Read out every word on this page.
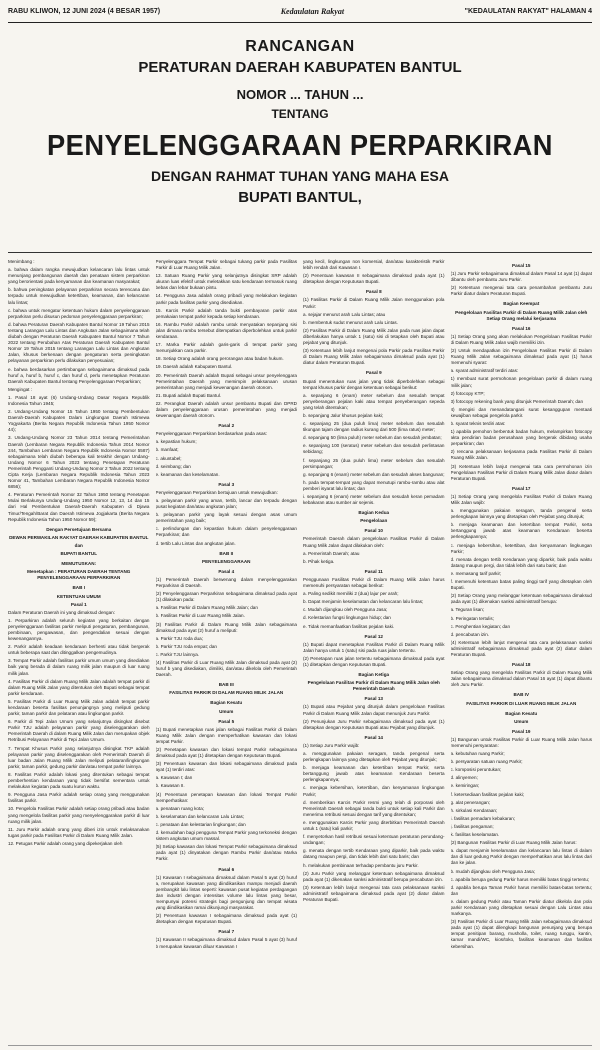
RABU KLIWON, 12 JUNI 2024 (4 BESAR 1957)	Kedaulatan Rakyat	"KEDAULATAN RAKYAT" HALAMAN 4
RANCANGAN
PERATURAN DAERAH KABUPATEN BANTUL
NOMOR ... TAHUN ...
TENTANG
PENYELENGGARAAN PERPARKIRAN
DENGAN RAHMAT TUHAN YANG MAHA ESA
BUPATI BANTUL,

Menimbang :

a. bahwa dalam rangka mewujudkan kelancaran lalu lintas untuk menunjang pembangunan daerah dan penataan sistem perparkiran yang berorientasi pada kenyamanan dan keamanan masyarakat;

b. bahwa peningkatan pelayanan perparkiran secara terencana dan terpadu untuk mewujudkan ketertiban, keamanan, dan kelancaran lalu lintas;

c. bahwa untuk mengatur ketentuan hukum dalam penyelenggaraan perparkiran perlu disusun pedoman penyelenggaraan perparkiran;

d. bahwa Peraturan Daerah Kabupaten Bantul Nomor 19 Tahun 2015 tentang Larangan Lalu Lintas dan Angkutan Jalan sebagaimana telah diubah dengan Peraturan Daerah Kabupaten Bantul Nomor 7 Tahun 2022 tentang Perubahan Atas Peraturan Daerah Kabupaten Bantul Nomor 19 Tahun 2015 tentang Larangan Lalu Lintas dan Angkutan Jalan, khusus berkenaan dengan pengaturan serta peningkatan pelayanan perparkiran perlu dilakukan penyesuaian;

e. bahwa berdasarkan pertimbangan sebagaimana dimaksud pada huruf a, huruf b, huruf c, dan huruf d, perlu menetapkan Peraturan Daerah Kabupaten Bantul tentang Penyelenggaraan Perparkiran;

Mengingat :

1. Pasal 18 ayat (6) Undang-Undang Dasar Negara Republik Indonesia Tahun 1945;

2. Undang-Undang Nomor 15 Tahun 1950 tentang Pembentukan Daerah-Daerah Kabupaten Dalam Lingkungan Daerah Istimewa Yogyakarta (Berita Negara Republik Indonesia Tahun 1950 Nomor 44);

3. Undang-Undang Nomor 23 Tahun 2014 tentang Pemerintahan Daerah (Lembaran Negara Republik Indonesia Tahun 2014 Nomor 244, Tambahan Lembaran Negara Republik Indonesia Nomor 5587) sebagaimana telah diubah beberapa kali terakhir dengan Undang-Undang Nomor 6 Tahun 2023 tentang Penetapan Peraturan Pemerintah Pengganti Undang-Undang Nomor 2 Tahun 2022 tentang Cipta Kerja (Lembaran Negara Republik Indonesia Tahun 2023 Nomor 41, Tambahan Lembaran Negara Republik Indonesia Nomor 6856);

4. Peraturan Pemerintah Nomor 32 Tahun 1950 tentang Penetapan Mulai Berlakunya Undang-Undang 1950 Nomor 12, 13, 14 dan 15 dari Hal Pembentukan Daerah-Daerah Kabupaten di Djawa Timur/Tengah/Barat dan Daerah Istimewa Jogjakarta (Berita Negara Republik Indonesia Tahun 1950 Nomor 59);

Dengan Persetujuan Bersama

DEWAN PERWAKILAN RAKYAT DAERAH KABUPATEN BANTUL

dan

BUPATI BANTUL

MEMUTUSKAN:

Menetapkan : PERATURAN DAERAH TENTANG PENYELENGGARAAN PERPARKIRAN

BAB I

KETENTUAN UMUM

Pasal 1

Dalam Peraturan Daerah ini yang dimaksud dengan:

1. Perparkiran adalah seluruh kegiatan yang berkaitan dengan penyelenggaraan fasilitas parkir meliputi pengaturan, pembangunan, pembinaan, pengawasan, dan pengendalian sesuai dengan kewenangannya.

2. Parkir adalah keadaan kendaraan berhenti atau tidak bergerak untuk beberapa saat dan ditinggalkan pengemudinya.

3. Tempat Parkir adalah fasilitas parkir umum umum yang disediakan baik yang berada di dalam ruang milik jalan maupun di luar ruang milik jalan.

4. Fasilitas Parkir di dalam Ruang Milik Jalan adalah tempat parkir di dalam Ruang Milik Jalan yang ditentukan oleh Bupati sebagai tempat parkir kendaraan.

5. Fasilitas Parkir di Luar Ruang Milik Jalan adalah tempat parkir kendaraan beserta fasilitas penunjangnya yang meliputi gedung parkir, taman parkir dan pelataran atau lingkungan parkir.

6. Parkir di Tepi Jalan Umum yang selanjutnya disingkat disebut Parkir TJU adalah pelayanan parkir yang diselenggarakan oleh Pemerintah Daerah di dalam Ruang Milik Jalan dan merupakan objek Retribusi Pelayanan Parkir di Tepi Jalan Umum.

7. Tempat Khusus Parkir yang selanjutnya disingkat TKP adalah pelayanan parkir yang diselenggarakan oleh Pemerintah Daerah di luar badan Jalan Ruang Milik Jalan meliputi pelataran/lingkungan parkir, taman parkir, gedung parkir dan/atau tempat parkir lainnya.

8. Fasilitas Parkir adalah lokasi yang ditentukan sebagai tempat pemberhentian kendaraan yang tidak bersifat sementara untuk melakukan kegiatan pada suatu kurun waktu.

9. Pengguna Jasa Parkir adalah setiap orang yang menggunakan fasilitas parkir.

10. Pengelola Fasilitas Parkir adalah setiap orang pribadi atau badan yang mengelola fasilitas parkir yang menyelenggarakan parkir di luar ruang milik jalan.

11. Juru Parkir adalah orang yang diberi izin untuk melaksanakan tugas parkir pada Fasilitas Parkir di Dalam Ruang Milik Jalan.

12. Petugas Parkir adalah orang yang dipekerjakan oleh

Penyelenggara Tempat Parkir sebagai tukang parkir pada Fasilitas Parkir di Luar Ruang Milik Jalan.

13. Satuan Ruang Parkir yang selanjutnya disingkat SRP adalah ukuran luas efektif untuk meletakkan satu kendaraan termasuk ruang bebas dan lebar bukaan pintu.

14. Pengguna Jasa adalah orang pribadi yang melakukan kegiatan parkir pada fasilitas parkir yang disediakan.

15. Karcis Parkir adalah tanda bukti pembayaran parkir atas pemakaian tempat parkir kepada setiap kendaraan.

16. Rambu Parkir adalah rambu untuk menyatakan sepanjang sisi jalan dimana rambu tersebut ditempatkan diperbolehkan untuk parkir kendaraan.

17. Marka Parkir adalah garis-garis di tempat parkir yang menunjukkan cara parkir.

18. Setiap Orang adalah orang perorangan atau badan hukum.

19. Daerah adalah Kabupaten Bantul.

20. Pemerintah Daerah adalah Bupati sebagai unsur penyelenggara Pemerintahan Daerah yang memimpin pelaksanaan urusan pemerintahan yang menjadi kewenangan daerah otonom.

21. Bupati adalah Bupati Bantul.

22. Perangkat Daerah adalah unsur pembantu Bupati dan DPRD dalam penyelenggaraan urusan pemerintahan yang menjadi kewenangan daerah otonom.

Pasal 2

Penyelenggaraan Perparkiran berdasarkan pada asas:

a. kepastian hukum;

b. manfaat;

c. akuntabel;

d. seimbang; dan

e. keamanan dan keselamatan.

Pasal 3

Penyelenggaraan Perparkiran bertujuan untuk mewujudkan:

a. pelayanan parkir yang aman, tertib, lancar dan terpadu dengan pusat kegiatan dan/atau angkutan jalan;

b. pelayanan parkir yang layak sesuai dengan asas umum pemerintahan yang baik;

c. perlindungan dan kepastian hukum dalam penyelenggaraan Perparkiran; dan

d. tertib Lalu Lintas dan angkutan jalan.

BAB II

PENYELENGGARAAN

Pasal 4

(1) Pemerintah Daerah berwenang dalam menyelenggarakan Perparkiran di Daerah.

(2) Penyelenggaraan Perparkiran sebagaimana dimaksud pada ayat (1) dilakukan pada:

a. Fasilitas Parkir di Dalam Ruang Milik Jalan; dan

b. Fasilitas Parkir di Luar Ruang Milik Jalan.

(3) Fasilitas Parkir di Dalam Ruang Milik Jalan sebagaimana dimaksud pada ayat (2) huruf a meliputi:

a. Parkir TJU roda dua;

b. Parkir TJU roda empat; dan

c. Parkir TJU lainnya.

(4) Fasilitas Parkir di Luar Ruang Milik Jalan dimaksud pada ayat (2) huruf b yang disediakan, dimiliki, dan/atau dikelola oleh Pemerintah Daerah.

BAB III

FASILITAS PARKIR DI DALAM RUANG MILIK JALAN

Bagian Kesatu

Umum

Pasal 5

(1) Bupati menetapkan ruas jalan sebagai Fasilitas Parkir di Dalam Ruang Milik Jalan dengan memperhatikan kawasan dan lokasi tempat Parkir.

(2) Penetapan kawasan dan lokasi tempat Parkir sebagaimana dimaksud pada ayat (1) ditetapkan dengan Keputusan Bupati.

(3) Penentuan kawasan dan lokasi sebagaimana dimaksud pada ayat (1) terdiri atas:

a. Kawasan I; dan

b. Kawasan II.

(4) Penentuan penetapan kawasan dan lokasi Tempat Parkir memperhatikan:

a. penataan ruang kota;

b. keselamatan dan kelancaran Lalu Lintas;

c. penataan dan kelestarian lingkungan; dan

d. kemudahan bagi pengguna Tempat Parkir yang terkoneksi dengan sistem angkutan umum massal.

(5) Setiap kawasan dan lokasi Tempat Parkir sebagaimana dimaksud pada ayat (1) dinyatakan dengan Rambu Parkir dan/atau Marka Parkir.

Pasal 6

(1) Kawasan I sebagaimana dimaksud dalam Pasal 5 ayat (3) huruf a, merupakan kawasan yang diindikasikan mampu menjadi daerah pembangkit lalu lintas seperti: kawasan pusat kegiatan perdagangan dan industri dengan intensitas volume lalu lintas yang besar, mempunyai potensi strategis bagi pengunjung dan tempat wisata yang diindikasikan ramai dikunjungi masyarakat.

(2) Penentuan kawasan I sebagaimana dimaksud pada ayat (1) ditetapkan dengan Keputusan Bupati.

Pasal 7

(1) Kawasan II sebagaimana dimaksud dalam Pasal 5 ayat (3) huruf b merupakan kawasan diluar Kawasan I

yang kecil, lingkungan non komersial, dan/atau karakteristik Parkir lebih rendah dari Kawasan I.

(2) Penentuan kawasan II sebagaimana dimaksud pada ayat (1) ditetapkan dengan Keputusan Bupati.

Pasal 8

(1) Fasilitas Parkir di Dalam Ruang Milik Jalan menggunakan pola Parkir:

a. sejajar menurut arah Lalu Lintas; atau

b. membentuk sudut menurut arah Lalu Lintas.

(2) Fasilitas Parkir di Dalam Ruang Milik Jalan pada ruas jalan dapat diberlakukan hanya untuk 1 (satu) sisi di tetapkan oleh Bupati atau pejabat yang ditunjuk.

(3) Ketentuan lebih lanjut mengenai pola Parkir pada Fasilitas Parkir di Dalam Ruang Milik Jalan sebagaimana dimaksud pada ayat (1) diatur dalam Peraturan Bupati.

Pasal 9

Bupati menentukan ruas jalan yang tidak diperbolehkan sebagai tempat khusus parkir dengan ketentuan sebagai berikut:

a. sepanjang 6 (enam) meter sebelum dan sesudah tempat penyeberangan pejalan kaki atau tempat penyeberangan sepeda yang telah ditentukan;

b. sepanjang Jalur khusus pejalan kaki;

c. sepanjang 25 (dua puluh lima) meter sebelum dan sesudah tikungan tajam dengan radius kurang dari 500 (lima ratus) meter;

d. sepanjang 50 (lima puluh) meter sebelum dan sesudah jembatan;

e. sepanjang 100 (seratus) meter sebelum dan sesudah perlintasan sebidang;

f. sepanjang 25 (dua puluh lima) meter sebelum dan sesudah persimpangan;

g. sepanjang 6 (enam) meter sebelum dan sesudah akses bangunan;

h. pada tempat-tempat yang dapat menutupi rambu-rambu atau alat pemberi isyarat lalu lintas; dan

i. sepanjang 6 (enam) meter sebelum dan sesudah keran pemadam kebakaran atau sumber air sejenis.

Bagian Kedua

Pengelolaan

Pasal 10

Pemerintah Daerah dalam pengelolaan Fasilitas Parkir di Dalam Ruang Milik Jalan dapat dilakukan oleh:

a. Pemerintah Daerah; atau

b. Pihak ketiga.

Pasal 11

Penggunaan Fasilitas Parkir di Dalam Ruang Milik Jalan harus memenuhi persyaratan sebagai berikut:

a. Paling sedikit memiliki 2 (dua) lajur per arah;

b. Dapat menjamin keselamatan dan kelancaran lalu lintas;

c. Mudah dijangkau oleh Pengguna Jasa;

d. Kelestarian fungsi lingkungan hidup; dan

e. Tidak memanfaatkan fasilitas pejalan kaki.

Pasal 12

(1) Bupati dapat menetapkan Fasilitas Parkir di Dalam Ruang Milik Jalan hanya untuk 1 (satu) sisi pada ruas jalan tertentu.

(2) Penetapan ruas jalan tertentu sebagaimana dimaksud pada ayat (1) ditetapkan dengan Keputusan Bupati.

Bagian Ketiga

Pengelolaan Fasilitas Parkir di Dalam Ruang Milik Jalan oleh Pemerintah Daerah

Pasal 13

(1) Bupati atau Pejabat yang ditunjuk dalam pengelolaan Fasilitas Parkir di Dalam Ruang Milik Jalan dapat menunjuk Juru Parkir.

(2) Penunjukan Juru Parkir sebagaimana dimaksud pada ayat (1) ditetapkan dengan Keputusan Bupati atau Pejabat yang ditunjuk.

Pasal 14

(1) Setiap Juru Parkir wajib:

a. menggunakan pakaian seragam, tanda pengenal serta perlengkapan lainnya yang ditetapkan oleh Pejabat yang ditunjuk;

b. menjaga keamanan dan ketertiban tempat Parkir, serta bertanggung jawab atas keamanan Kendaraan beserta perlengkapannya;

c. menjaga kebersihan, ketertiban, dan kenyamanan lingkungan Parkir;

d. memberikan Karcis Parkir resmi yang telah di porporasi oleh Pemerintah Daerah sebagai tanda bukti untuk setiap kali Parkir dan menerima retribusi sesuai dengan tarif yang ditentukan;

e. menggunakan Karcis Parkir yang diterbitkan Pemerintah Daerah untuk 1 (satu) kali parkir;

f. menyetorkan hasil retribusi sesuai ketentuan peraturan perundang-undangan;

g. menata dengan tertib Kendaraan yang diparkir, baik pada waktu datang maupun pergi, dan tidak lebih dari satu baris; dan

h. melakukan pembinaan terhadap pembantu juru Parkir.

(2) Juru Parkir yang melanggar ketentuan sebagaimana dimaksud pada ayat (1) dikenakan sanksi administratif berupa pencabutan izin.

(3) Ketentuan lebih lanjut mengenai tata cara pelaksanaan sanksi administratif sebagaimana dimaksud pada ayat (2) diatur dalam Peraturan Bupati.

Pasal 15

(1) Juru Parkir sebagaimana dimaksud dalam Pasal 14 ayat (1) dapat dibantu oleh pembantu Juru Parkir.

(2) Ketentuan mengenai tata cara penambahan pembantu Juru Parkir diatur dalam Peraturan Bupati.

Bagian Keempat

Pengelolaan Fasilitas Parkir di Dalam Ruang Milik Jalan oleh Setiap Orang melalui kerjasama

Pasal 16

(1) Setiap Orang yang akan melakukan Pengelolaan Fasilitas Parkir di Dalam Ruang Milik Jalan wajib memiliki izin.

(2) Untuk mendapatkan izin Pengelolaan Fasilitas Parkir di Dalam Ruang Milik Jalan sebagaimana dimaksud pada ayat (1) harus memenuhi syarat:

a. syarat administratif terdiri atas:

1) membuat surat permohonan pengelolaan parkir di dalam ruang milik jalan;

2) fotocopy KTP;

3) fotocopy rekening bank yang ditunjuk Pemerintah Daerah; dan

4) mengisi dan menandatangani surat kesanggupan mentaati kewajiban sebagai pengelola parkir.

b. syarat teknis terdiri atas:

1) apabila pemohon berbentuk badan hukum, melampirkan fotocopy akta pendirian badan perusahaan yang bergerak dibidang usaha perparkiran; dan

2) rencana pelaksanaan kerjasama pada Fasilitas Parkir di Dalam Ruang Milik Jalan.

(3) Ketentuan lebih lanjut mengenai tata cara permohonan izin Pengelolaan Fasilitas Parkir di Dalam Ruang Milik Jalan diatur dalam Peraturan Bupati.

Pasal 17

(1) Setiap Orang yang mengelola Fasilitas Parkir di Dalam Ruang Milik Jalan wajib:

a. menggunakan pakaian seragam, tanda pengenal serta perlengkapan lainnya yang ditetapkan oleh Pejabat yang ditunjuk;

b. menjaga keamanan dan ketertiban tempat Parkir, serta bertanggung jawab atas keamanan Kendaraan beserta perlengkapannya;

c. menjaga kebersihan, ketertiban, dan kenyamanan lingkungan Parkir;

d. menata dengan tertib Kendaraan yang diparkir, baik pada waktu datang maupun pergi, dan tidak lebih dari satu baris; dan

e. memasang tarif parkir;

f. memenuhi ketentuan batas paling tinggi tarif yang ditetapkan oleh Bupati.

(2) Setiap Orang yang melanggar ketentuan sebagaimana dimaksud pada ayat (1) dikenakan sanksi administratif berupa:

a. Teguran lisan;

b. Peringatan tertulis;

c. Penghentian kegiatan; dan

d. pencabutan izin.

(4) Ketentuan lebih lanjut mengenai tata cara pelaksanaan sanksi administratif sebagaimana dimaksud pada ayat (2) diatur dalam Peraturan Bupati.

Pasal 18

Setiap Orang yang mengelola Fasilitas Parkir di Dalam Ruang Milik Jalan sebagaimana dimaksud dalam Pasal 16 ayat (1) dapat dibantu oleh Juru Parkir.

BAB IV

FASILITAS PARKIR DI LUAR RUANG MILIK JALAN

Bagian Kesatu

Umum

Pasal 19

(1) Bangunan untuk Fasilitas Parkir di Luar Ruang Milik Jalan harus memenuhi persyaratan:

a. kebutuhan ruang Parkir;

b. persyaratan satuan ruang Parkir;

c. komposisi peruntukan;

d. alinyemen;

e. kemiringan;

f. ketersediaan fasilitas pejalan kaki;

g. alat penerangan;

h. sirkulasi Kendaraan;

i. fasilitas pemadam kebakaran;

j. fasilitas pengaman;

k. fasilitas keselamatan.

(2) Bangunan Fasilitas Parkir di Luar Ruang Milik Jalan harus:

a. dapat menjamin keselamatan dan kelancaran lalu lintas di dalam dan di luar gedung Parkir dengan memperhatikan arus lalu lintas dari dan ke jalan.

b. mudah dijangkau oleh Pengguna Jasa;

c. apabila berupa gedung Parkir harus memiliki batas tinggi tertentu;

d. apabila berupa Taman Parkir harus memiliki batas-batas tertentu; dan

e. dalam gedung Parkir atau Taman Parkir diatur dikelola dan pola parkir Kendaraan yang ditetapkan sesuai dengan Lalu Lintas atau markanya.

(3) Fasilitas Parkir di Luar Ruang Milik Jalan sebagaimana dimaksud pada ayat (1) dapat dilengkapi bangunan penunjang yang berupa tempat penitipan barang, musholla, toilet, ruang tunggu, kantin, kamar mandi/WC, kios/toko, fasilitas keamanan dan fasilitas kebersihan.
